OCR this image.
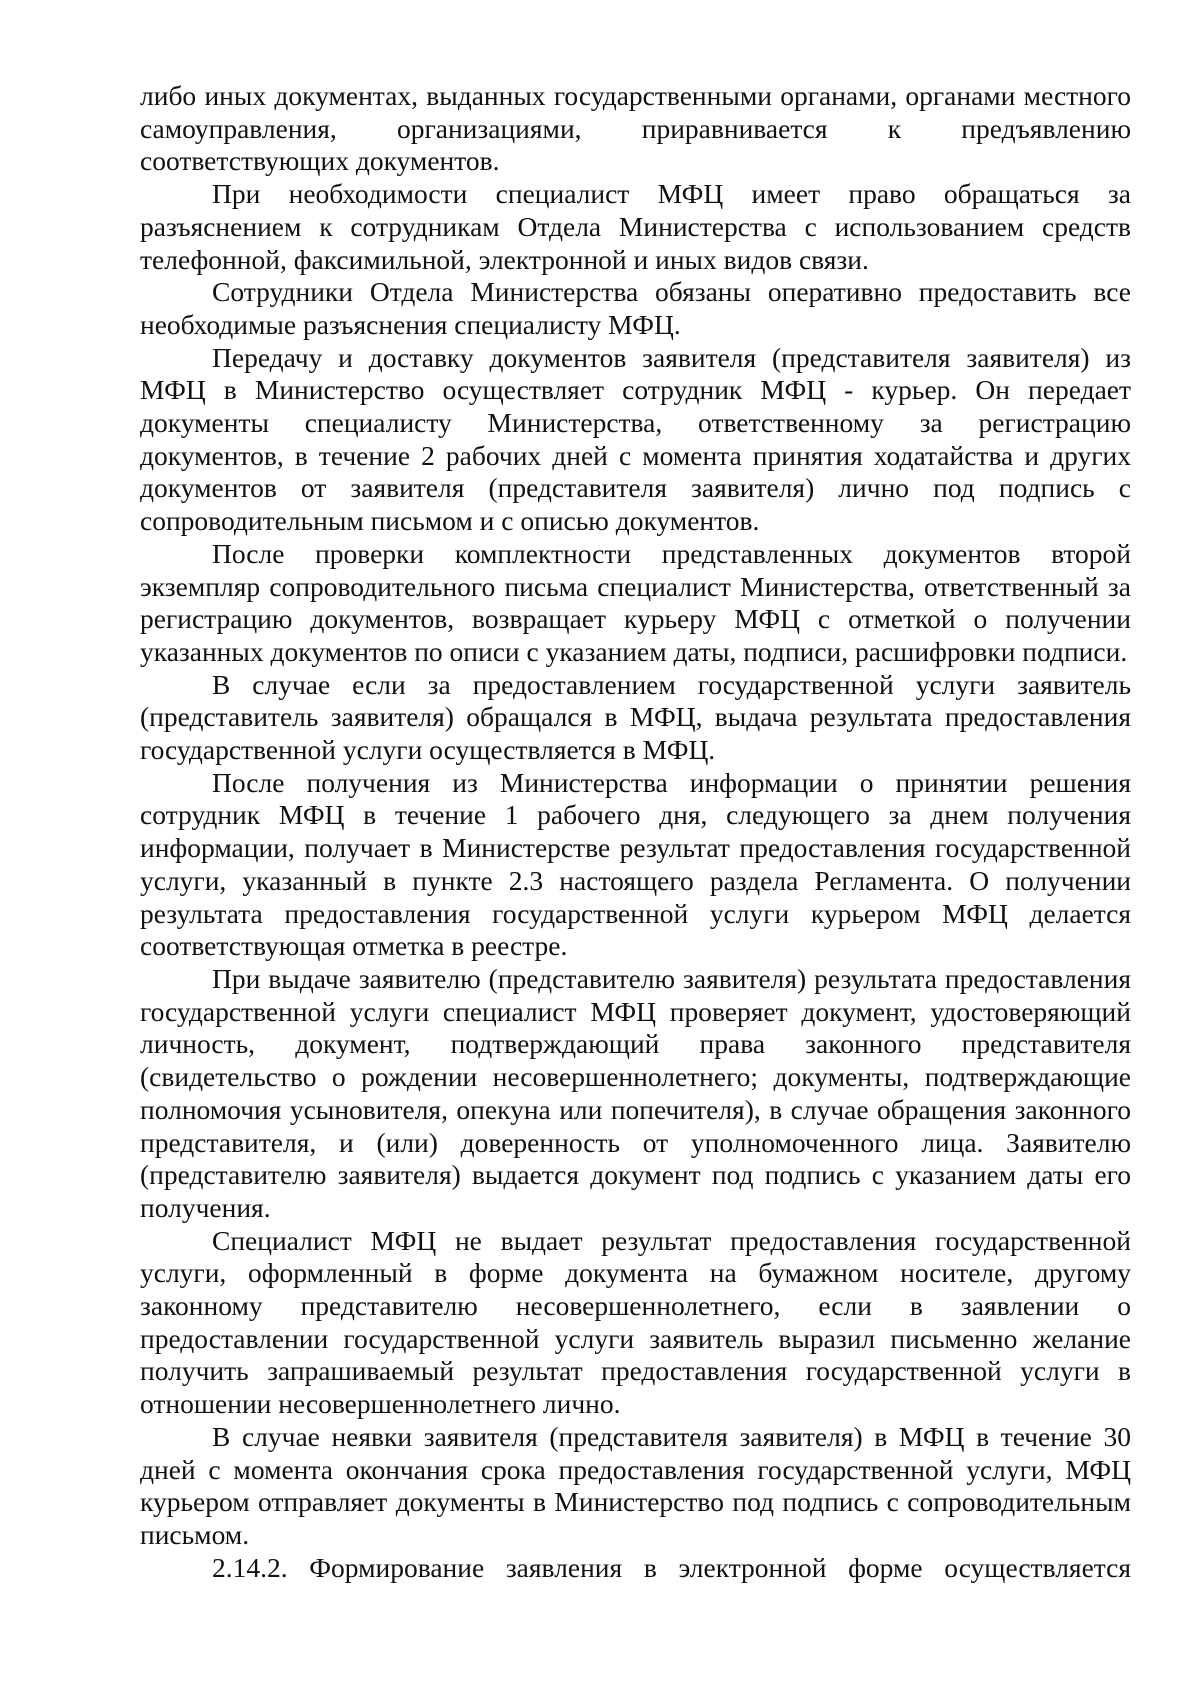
либо иных документах, выданных государственными органами, органами местного самоуправления, организациями, приравнивается к предъявлению соответствующих документов.

При необходимости специалист МФЦ имеет право обращаться за разъяснением к сотрудникам Отдела Министерства с использованием средств телефонной, факсимильной, электронной и иных видов связи.

Сотрудники Отдела Министерства обязаны оперативно предоставить все необходимые разъяснения специалисту МФЦ.

Передачу и доставку документов заявителя (представителя заявителя) из МФЦ в Министерство осуществляет сотрудник МФЦ - курьер. Он передает документы специалисту Министерства, ответственному за регистрацию документов, в течение 2 рабочих дней с момента принятия ходатайства и других документов от заявителя (представителя заявителя) лично под подпись с сопроводительным письмом и с описью документов.

После проверки комплектности представленных документов второй экземпляр сопроводительного письма специалист Министерства, ответственный за регистрацию документов, возвращает курьеру МФЦ с отметкой о получении указанных документов по описи с указанием даты, подписи, расшифровки подписи.

В случае если за предоставлением государственной услуги заявитель (представитель заявителя) обращался в МФЦ, выдача результата предоставления государственной услуги осуществляется в МФЦ.

После получения из Министерства информации о принятии решения сотрудник МФЦ в течение 1 рабочего дня, следующего за днем получения информации, получает в Министерстве результат предоставления государственной услуги, указанный в пункте 2.3 настоящего раздела Регламента. О получении результата предоставления государственной услуги курьером МФЦ делается соответствующая отметка в реестре.

При выдаче заявителю (представителю заявителя) результата предоставления государственной услуги специалист МФЦ проверяет документ, удостоверяющий личность, документ, подтверждающий права законного представителя (свидетельство о рождении несовершеннолетнего; документы, подтверждающие полномочия усыновителя, опекуна или попечителя), в случае обращения законного представителя, и (или) доверенность от уполномоченного лица. Заявителю (представителю заявителя) выдается документ под подпись с указанием даты его получения.

Специалист МФЦ не выдает результат предоставления государственной услуги, оформленный в форме документа на бумажном носителе, другому законному представителю несовершеннолетнего, если в заявлении о предоставлении государственной услуги заявитель выразил письменно желание получить запрашиваемый результат предоставления государственной услуги в отношении несовершеннолетнего лично.

В случае неявки заявителя (представителя заявителя) в МФЦ в течение 30 дней с момента окончания срока предоставления государственной услуги, МФЦ курьером отправляет документы в Министерство под подпись с сопроводительным письмом.

2.14.2. Формирование заявления в электронной форме осуществляется
